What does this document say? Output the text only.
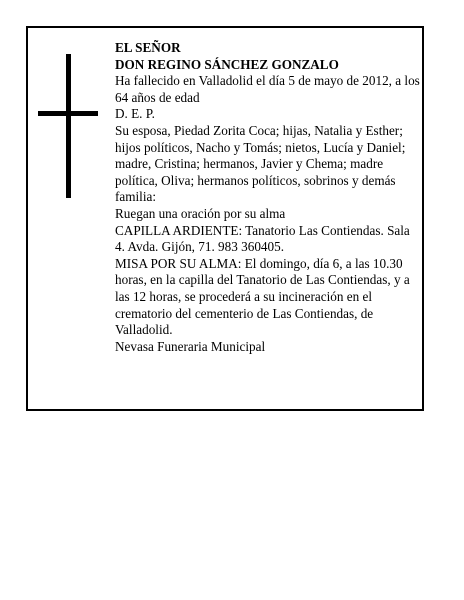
EL SEÑOR

DON REGINO SÁNCHEZ GONZALO

Ha fallecido en Valladolid el día 5 de mayo de 2012, a los 64 años de edad

D. E. P.

Su esposa, Piedad Zorita Coca; hijas, Natalia y Esther; hijos políticos, Nacho y Tomás; nietos, Lucía y Daniel; madre, Cristina; hermanos, Javier y Chema; madre política, Oliva; hermanos políticos, sobrinos y demás familia:

Ruegan una oración por su alma

CAPILLA ARDIENTE: Tanatorio Las Contiendas. Sala 4. Avda. Gijón, 71. 983 360405.

MISA POR SU ALMA: El domingo, día 6, a las 10.30 horas, en la capilla del Tanatorio de Las Contiendas, y a las 12 horas, se procederá a su incineración en el crematorio del cementerio de Las Contiendas, de Valladolid.

Nevasa Funeraria Municipal
